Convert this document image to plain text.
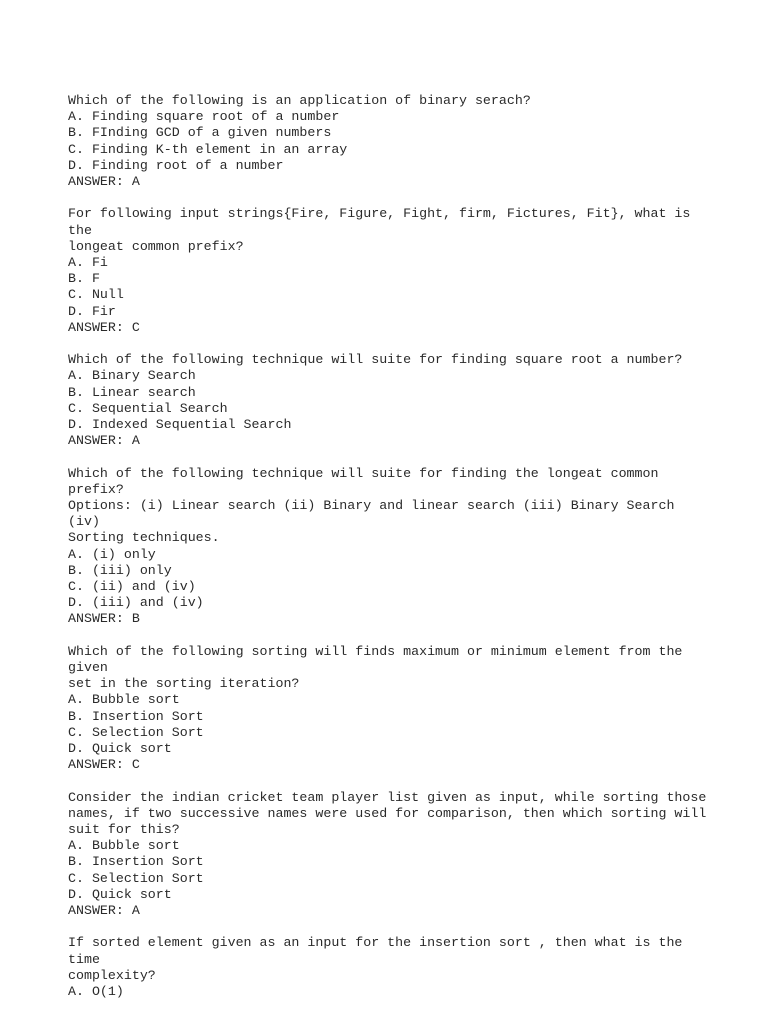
Which of the following is an application of binary serach?
A. Finding square root of a number
B. FInding GCD of a given numbers
C. Finding K-th element in an array
D. Finding root of a number
ANSWER: A
For following input strings{Fire, Figure, Fight, firm, Fictures, Fit}, what is the
longeat common prefix?
A. Fi
B. F
C. Null
D. Fir
ANSWER: C
Which of the following technique will suite for finding square root a number?
A. Binary Search
B. Linear search
C. Sequential Search
D. Indexed Sequential Search
ANSWER: A
Which of the following technique will suite for finding the longeat common prefix?
Options: (i) Linear search (ii) Binary and linear search (iii) Binary Search (iv)
Sorting techniques.
A. (i) only
B. (iii) only
C. (ii) and (iv)
D. (iii) and (iv)
ANSWER: B
Which of the following sorting will finds maximum or minimum element from the given
set in the sorting iteration?
A. Bubble sort
B. Insertion Sort
C. Selection Sort
D. Quick sort
ANSWER: C
Consider the indian cricket team player list given as input, while sorting those
names, if two successive names were used for comparison, then which sorting will
suit for this?
A. Bubble sort
B. Insertion Sort
C. Selection Sort
D. Quick sort
ANSWER: A
If sorted element given as an input for the insertion sort , then what is the time
complexity?
A. O(1)
